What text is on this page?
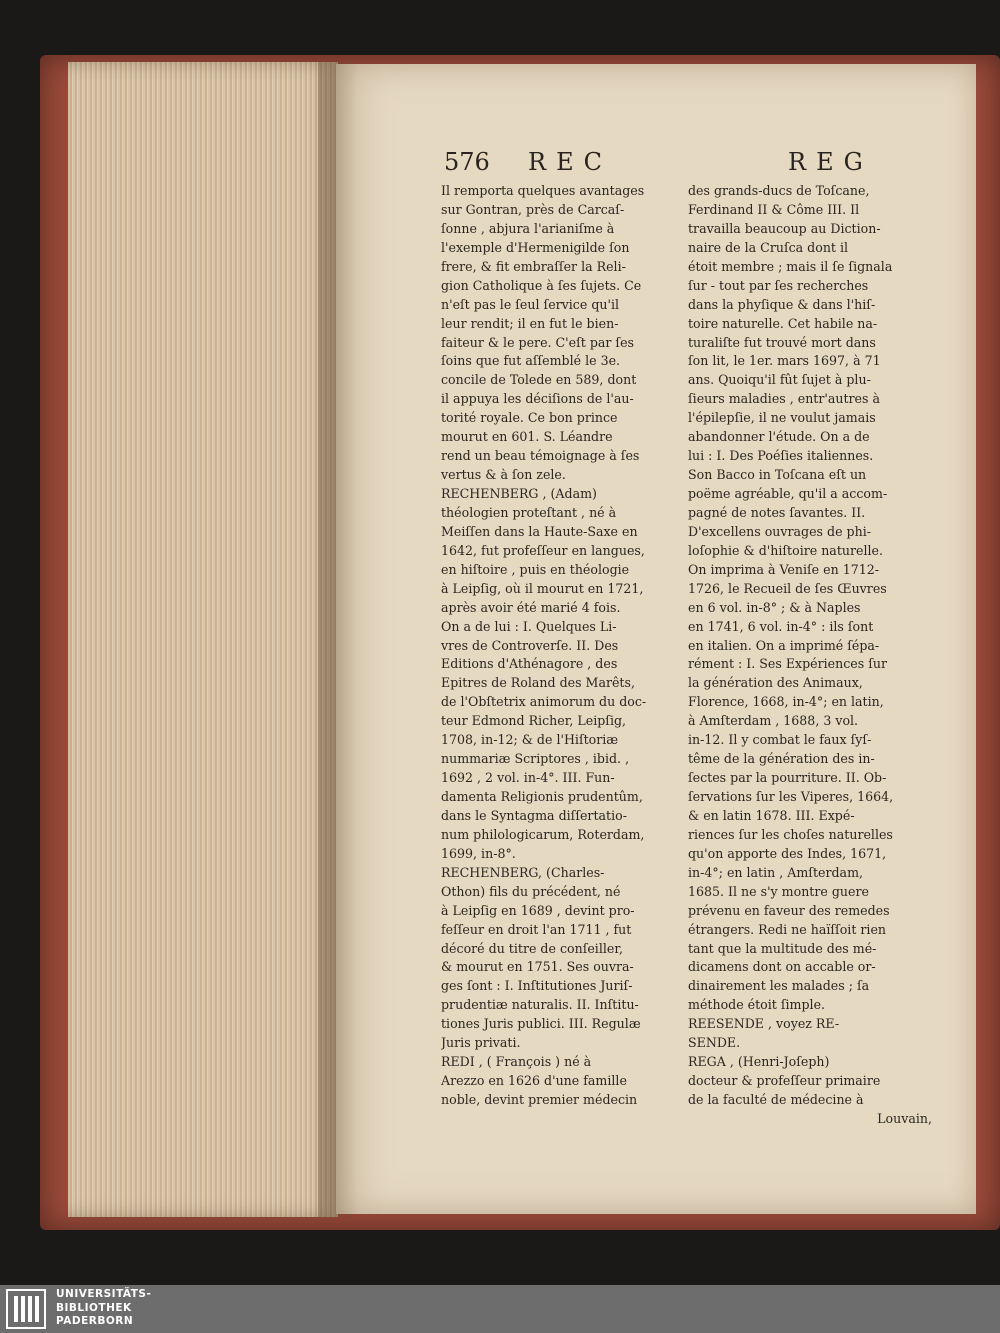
576 REC	REG
Il remporta quelques avantages
sur Gontran, près de Carcaſ-
ſonne , abjura l'arianiſme à
l'exemple d'Hermenigilde ſon
frere, & fit embraſſer la Reli-
gion Catholique à ſes ſujets. Ce
n'eſt pas le ſeul ſervice qu'il
leur rendit; il en fut le bien-
faiteur & le pere. C'eſt par ſes
ſoins que fut aſſemblé le 3e.
concile de Tolede en 589, dont
il appuya les déciſions de l'au-
torité royale. Ce bon prince
mourut en 601. S. Léandre
rend un beau témoignage à ſes
vertus & à ſon zele.
RECHENBERG , (Adam)
théologien proteſtant , né à
Meiſſen dans la Haute-Saxe en
1642, fut profeſſeur en langues,
en hiſtoire , puis en théologie
à Leipſig, où il mourut en 1721,
après avoir été marié 4 fois.
On a de lui : I. Quelques Li-
vres de Controverſe. II. Des
Editions d'Athénagore , des
Epitres de Roland des Marêts,
de l'Obſtetrix animorum du doc-
teur Edmond Richer, Leipſig,
1708, in-12; & de l'Hiſtoriæ
nummariæ Scriptores , ibid. ,
1692 , 2 vol. in-4°. III. Fun-
damenta Religionis prudentûm,
dans le Syntagma diſſertatio-
num philologicarum, Roterdam,
1699, in-8°.
RECHENBERG, (Charles-
Othon) fils du précédent, né
à Leipſig en 1689 , devint pro-
feſſeur en droit l'an 1711 , fut
décoré du titre de conſeiller,
& mourut en 1751. Ses ouvra-
ges ſont : I. Inſtitutiones Juriſ-
prudentiæ naturalis. II. Inſtitu-
tiones Juris publici. III. Regulæ
Juris privati.
REDI , ( François ) né à
Arezzo en 1626 d'une famille
noble, devint premier médecin
des grands-ducs de Toſcane,
Ferdinand II & Côme III. Il
travailla beaucoup au Diction-
naire de la Cruſca dont il
étoit membre ; mais il ſe ſignala
ſur - tout par ſes recherches
dans la phyſique & dans l'hiſ-
toire naturelle. Cet habile na-
turaliſte fut trouvé mort dans
ſon lit, le 1er. mars 1697, à 71
ans. Quoiqu'il fût ſujet à plu-
ſieurs maladies , entr'autres à
l'épilepſie, il ne voulut jamais
abandonner l'étude. On a de
lui : I. Des Poéſies italiennes.
Son Bacco in Toſcana eſt un
poëme agréable, qu'il a accom-
pagné de notes ſavantes. II.
D'excellens ouvrages de phi-
loſophie & d'hiſtoire naturelle.
On imprima à Veniſe en 1712-
1726, le Recueil de ſes Œuvres
en 6 vol. in-8° ; & à Naples
en 1741, 6 vol. in-4° : ils ſont
en italien. On a imprimé ſépa-
rément : I. Ses Expériences ſur
la génération des Animaux,
Florence, 1668, in-4°; en latin,
à Amſterdam , 1688, 3 vol.
in-12. Il y combat le faux ſyſ-
tême de la génération des in-
ſectes par la pourriture. II. Ob-
ſervations ſur les Viperes, 1664,
& en latin 1678. III. Expé-
riences ſur les choſes naturelles
qu'on apporte des Indes, 1671,
in-4°; en latin , Amſterdam,
1685. Il ne s'y montre guere
prévenu en faveur des remedes
étrangers. Redi ne haïſſoit rien
tant que la multitude des mé-
dicamens dont on accable or-
dinairement les malades ; ſa
méthode étoit ſimple.
REESENDE , voyez RE-
SENDE.
REGA , (Henri-Joſeph)
docteur & profeſſeur primaire
de la faculté de médecine à
Louvain,
UNIVERSITÄTS-
BIBLIOTHEK
PADERBORN
